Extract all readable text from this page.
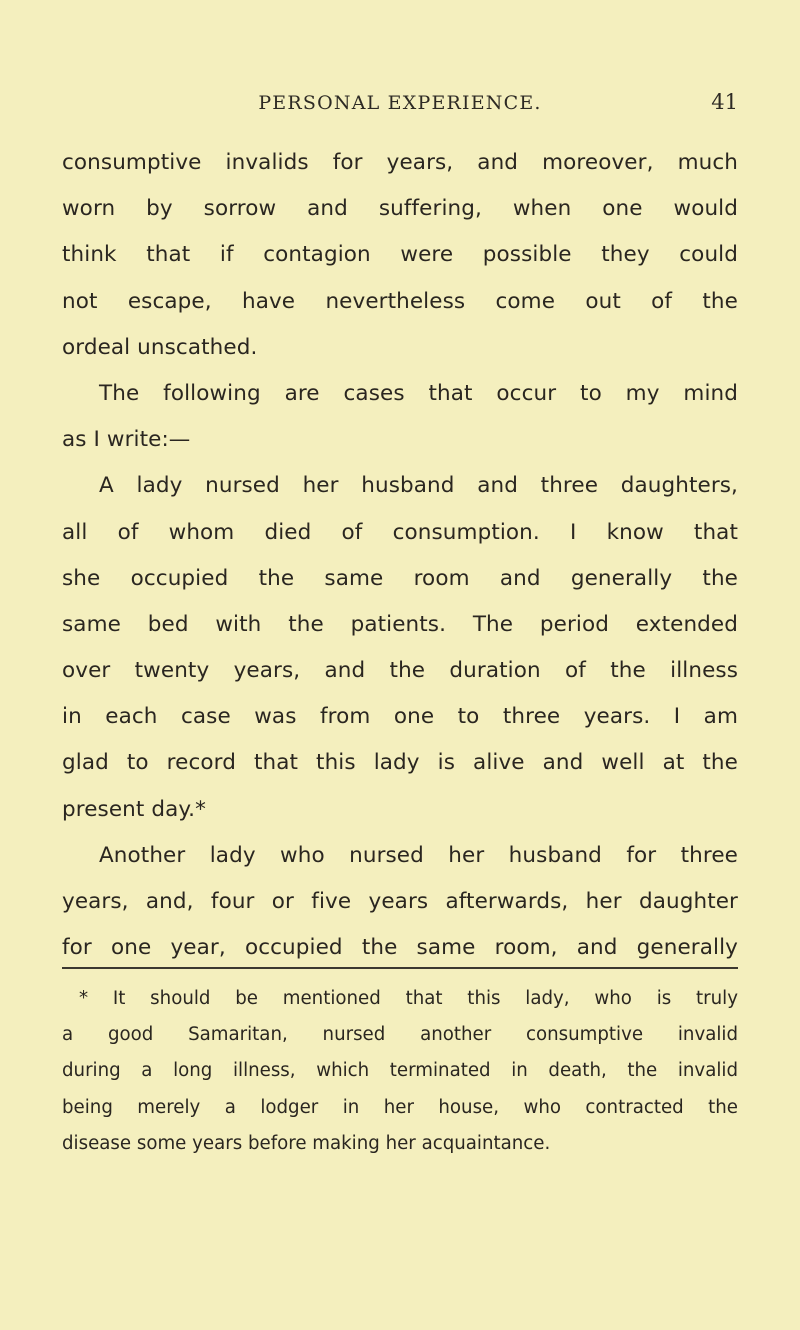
PERSONAL EXPERIENCE.	41
consumptive invalids for years, and moreover, much
worn by sorrow and suffering, when one would
think that if contagion were possible they could
not escape, have nevertheless come out of the
ordeal unscathed.
The following are cases that occur to my mind
as I write:—
A lady nursed her husband and three daughters,
all of whom died of consumption. I know that
she occupied the same room and generally the
same bed with the patients. The period extended
over twenty years, and the duration of the illness
in each case was from one to three years. I am
glad to record that this lady is alive and well at the
present day.*
Another lady who nursed her husband for three
years, and, four or five years afterwards, her daughter
for one year, occupied the same room, and generally
* It should be mentioned that this lady, who is truly
a good Samaritan, nursed another consumptive invalid
during a long illness, which terminated in death, the invalid
being merely a lodger in her house, who contracted the
disease some years before making her acquaintance.
